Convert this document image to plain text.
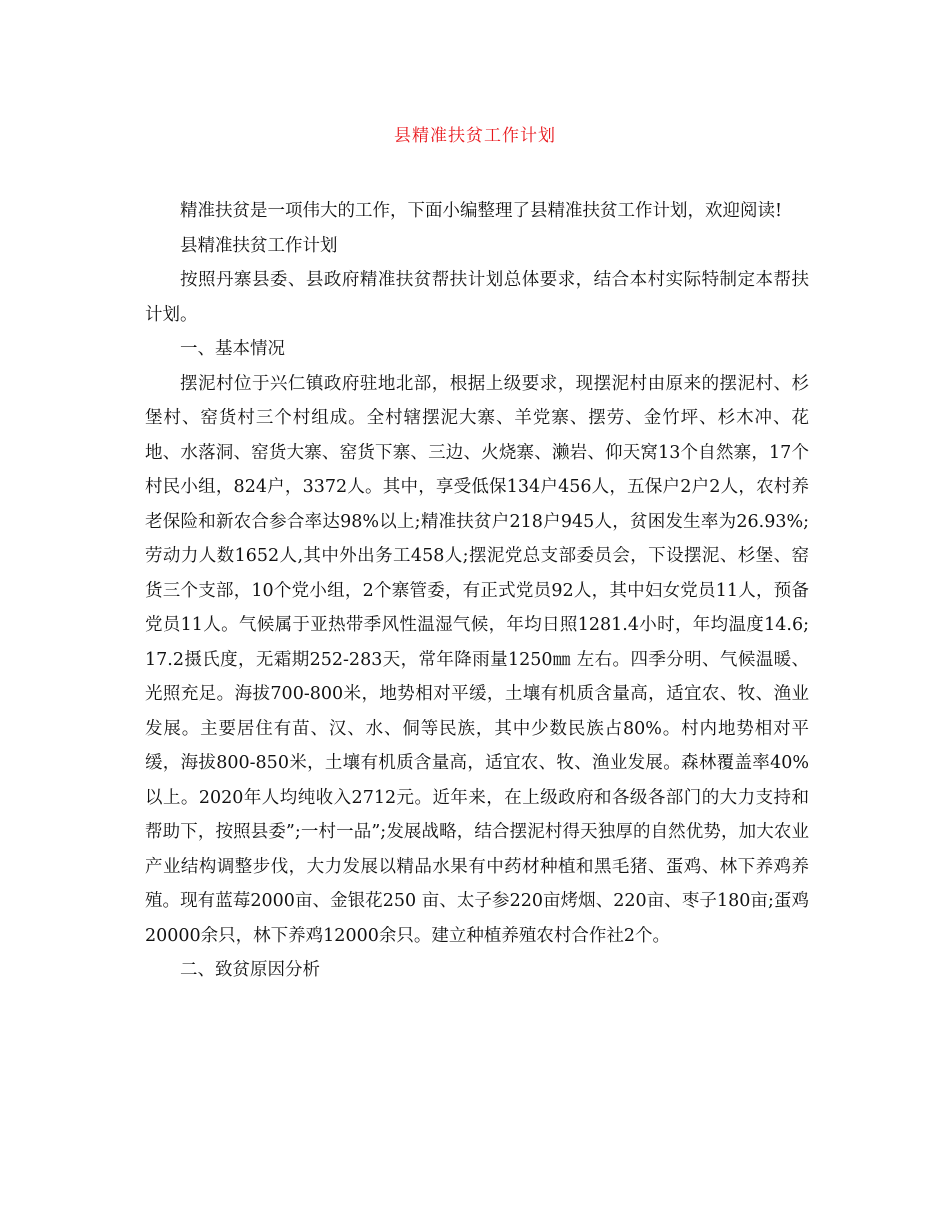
县精准扶贫工作计划

精准扶贫是一项伟大的工作，下面小编整理了县精准扶贫工作计划，欢迎阅读!

县精准扶贫工作计划

按照丹寨县委、县政府精准扶贫帮扶计划总体要求，结合本村实际特制定本帮扶计划。

一、基本情况

摆泥村位于兴仁镇政府驻地北部，根据上级要求，现摆泥村由原来的摆泥村、杉堡村、窑货村三个村组成。全村辖摆泥大寨、羊党寨、摆劳、金竹坪、杉木冲、花地、水落洞、窑货大寨、窑货下寨、三边、火烧寨、濑岩、仰天窝13个自然寨，17个村民小组，824户，3372人。其中，享受低保134户456人，五保户2户2人，农村养老保险和新农合参合率达98%以上;精准扶贫户218户945人，贫困发生率为26.93%;劳动力人数1652人,其中外出务工458人;摆泥党总支部委员会，下设摆泥、杉堡、窑货三个支部，10个党小组，2个寨管委，有正式党员92人，其中妇女党员11人，预备党员11人。气候属于亚热带季风性温湿气候，年均日照1281.4小时，年均温度14.6;17.2摄氏度，无霜期252-283天，常年降雨量1250㎜ 左右。四季分明、气候温暖、光照充足。海拔700-800米，地势相对平缓，土壤有机质含量高，适宜农、牧、渔业发展。主要居住有苗、汉、水、侗等民族，其中少数民族占80%。村内地势相对平缓，海拔800-850米，土壤有机质含量高，适宜农、牧、渔业发展。森林覆盖率40%以上。2020年人均纯收入2712元。近年来，在上级政府和各级各部门的大力支持和帮助下，按照县委”;一村一品”;发展战略，结合摆泥村得天独厚的自然优势，加大农业产业结构调整步伐，大力发展以精品水果有中药材种植和黑毛猪、蛋鸡、林下养鸡养殖。现有蓝莓2000亩、金银花250 亩、太子参220亩烤烟、220亩、枣子180亩;蛋鸡20000余只，林下养鸡12000余只。建立种植养殖农村合作社2个。

二、致贫原因分析
